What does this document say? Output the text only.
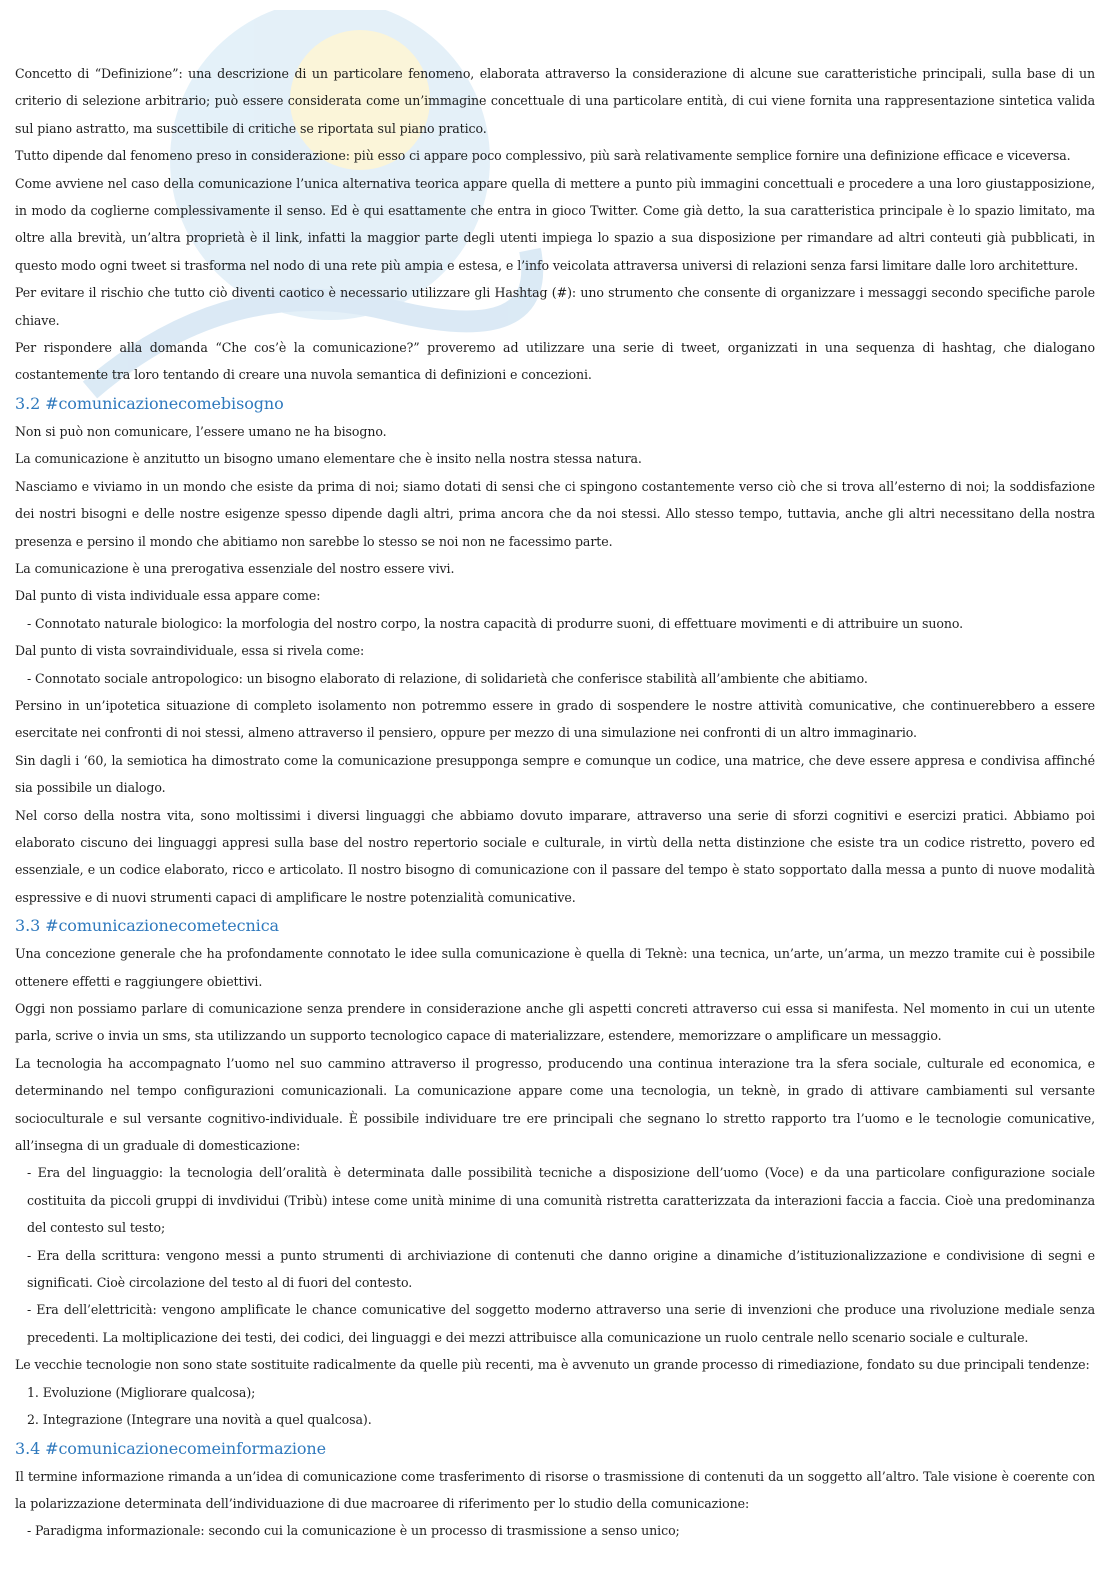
Concetto di “Definizione”: una descrizione di un particolare fenomeno, elaborata attraverso la considerazione di alcune sue caratteristiche principali, sulla base di un criterio di selezione arbitrario; può essere considerata come un’immagine concettuale di una particolare entità, di cui viene fornita una rappresentazione sintetica valida sul piano astratto, ma suscettibile di critiche se riportata sul piano pratico.

Tutto dipende dal fenomeno preso in considerazione: più esso ci appare poco complessivo, più sarà relativamente semplice fornire una definizione efficace e viceversa.

Come avviene nel caso della comunicazione l’unica alternativa teorica appare quella di mettere a punto più immagini concettuali e procedere a una loro giustapposizione, in modo da coglierne complessivamente il senso. Ed è qui esattamente che entra in gioco Twitter. Come già detto, la sua caratteristica principale è lo spazio limitato, ma oltre alla brevità, un’altra proprietà è il link, infatti la maggior parte degli utenti impiega lo spazio a sua disposizione per rimandare ad altri conteuti già pubblicati, in questo modo ogni tweet si trasforma nel nodo di una rete più ampia e estesa, e l’info veicolata attraversa universi di relazioni senza farsi limitare dalle loro architetture.

Per evitare il rischio che tutto ciò diventi caotico è necessario utilizzare gli Hashtag (#): uno strumento che consente di organizzare i messaggi secondo specifiche parole chiave.

Per rispondere alla domanda “Che cos’è la comunicazione?” proveremo ad utilizzare una serie di tweet, organizzati in una sequenza di hashtag, che dialogano costantemente tra loro tentando di creare una nuvola semantica di definizioni e concezioni.

3.2 #comunicazionecomebisogno

Non si può non comunicare, l’essere umano ne ha bisogno.

La comunicazione è anzitutto un bisogno umano elementare che è insito nella nostra stessa natura.

Nasciamo e viviamo in un mondo che esiste da prima di noi; siamo dotati di sensi che ci spingono costantemente verso ciò che si trova all’esterno di noi; la soddisfazione dei nostri bisogni e delle nostre esigenze spesso dipende dagli altri, prima ancora che da noi stessi. Allo stesso tempo, tuttavia, anche gli altri necessitano della nostra presenza e persino il mondo che abitiamo non sarebbe lo stesso se noi non ne facessimo parte.

La comunicazione è una prerogativa essenziale del nostro essere vivi.

Dal punto di vista individuale essa appare come:

- Connotato naturale biologico: la morfologia del nostro corpo, la nostra capacità di produrre suoni, di effettuare movimenti e di attribuire un suono.

Dal punto di vista sovraindividuale, essa si rivela come:

- Connotato sociale antropologico: un bisogno elaborato di relazione, di solidarietà che conferisce stabilità all’ambiente che abitiamo.

Persino in un’ipotetica situazione di completo isolamento non potremmo essere in grado di sospendere le nostre attività comunicative, che continuerebbero a essere esercitate nei confronti di noi stessi, almeno attraverso il pensiero, oppure per mezzo di una simulazione nei confronti di un altro immaginario.

Sin dagli i ‘60, la semiotica ha dimostrato come la comunicazione presupponga sempre e comunque un codice, una matrice, che deve essere appresa e condivisa affinché sia possibile un dialogo.

Nel corso della nostra vita, sono moltissimi i diversi linguaggi che abbiamo dovuto imparare, attraverso una serie di sforzi cognitivi e esercizi pratici. Abbiamo poi elaborato ciscuno dei linguaggi appresi sulla base del nostro repertorio sociale e culturale, in virtù della netta distinzione che esiste tra un codice ristretto, povero ed essenziale, e un codice elaborato, ricco e articolato. Il nostro bisogno di comunicazione con il passare del tempo è stato sopportato dalla messa a punto di nuove modalità espressive e di nuovi strumenti capaci di amplificare le nostre potenzialità comunicative.

3.3 #comunicazionecometecnica

Una concezione generale che ha profondamente connotato le idee sulla comunicazione è quella di Teknè: una tecnica, un’arte, un’arma, un mezzo tramite cui è possibile ottenere effetti e raggiungere obiettivi.

Oggi non possiamo parlare di comunicazione senza prendere in considerazione anche gli aspetti concreti attraverso cui essa si manifesta. Nel momento in cui un utente parla, scrive o invia un sms, sta utilizzando un supporto tecnologico capace di materializzare, estendere, memorizzare o amplificare un messaggio.

La tecnologia ha accompagnato l’uomo nel suo cammino attraverso il progresso, producendo una continua interazione tra la sfera sociale, culturale ed economica, e determinando nel tempo configurazioni comunicazionali. La comunicazione appare come una tecnologia, un teknè, in grado di attivare cambiamenti sul versante socioculturale e sul versante cognitivo-individuale. È possibile individuare tre ere principali che segnano lo stretto rapporto tra l’uomo e le tecnologie comunicative, all’insegna di un graduale di domesticazione:

- Era del linguaggio: la tecnologia dell’oralità è determinata dalle possibilità tecniche a disposizione dell’uomo (Voce) e da una particolare configurazione sociale costituita da piccoli gruppi di invdividui (Tribù) intese come unità minime di una comunità ristretta caratterizzata da interazioni faccia a faccia. Cioè una predominanza del contesto sul testo;

- Era della scrittura: vengono messi a punto strumenti di archiviazione di contenuti che danno origine a dinamiche d’istituzionalizzazione e condivisione di segni e significati. Cioè circolazione del testo al di fuori del contesto.

- Era dell’elettricità: vengono amplificate le chance comunicative del soggetto moderno attraverso una serie di invenzioni che produce una rivoluzione mediale senza precedenti. La moltiplicazione dei testi, dei codici, dei linguaggi e dei mezzi attribuisce alla comunicazione un ruolo centrale nello scenario sociale e culturale.

Le vecchie tecnologie non sono state sostituite radicalmente da quelle più recenti, ma è avvenuto un grande processo di rimediazione, fondato su due principali tendenze:

1. Evoluzione (Migliorare qualcosa);

2. Integrazione (Integrare una novità a quel qualcosa).

3.4 #comunicazionecomeinformazione

Il termine informazione rimanda a un’idea di comunicazione come trasferimento di risorse o trasmissione di contenuti da un soggetto all’altro. Tale visione è coerente con la polarizzazione determinata dell’individuazione di due macroaree di riferimento per lo studio della comunicazione:

- Paradigma informazionale: secondo cui la comunicazione è un processo di trasmissione a senso unico;
